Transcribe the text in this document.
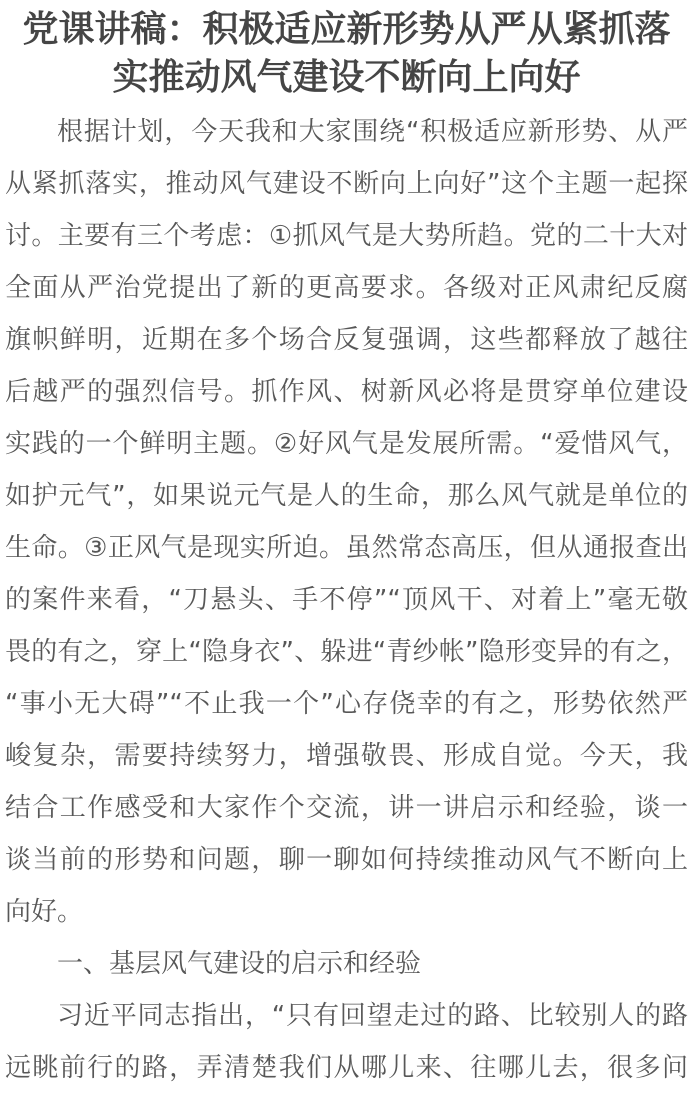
党课讲稿：积极适应新形势从严从紧抓落
实推动风气建设不断向上向好
根据计划，今天我和大家围绕“积极适应新形势、从严
从紧抓落实，推动风气建设不断向上向好”这个主题一起探
讨。主要有三个考虑：①抓风气是大势所趋。党的二十大对
全面从严治党提出了新的更高要求。各级对正风肃纪反腐
旗帜鲜明，近期在多个场合反复强调，这些都释放了越往
后越严的强烈信号。抓作风、树新风必将是贯穿单位建设
实践的一个鲜明主题。②好风气是发展所需。“爱惜风气，
如护元气”，如果说元气是人的生命，那么风气就是单位的
生命。③正风气是现实所迫。虽然常态高压，但从通报查出
的案件来看，“刀悬头、手不停”“顶风干、对着上”毫无敬
畏的有之，穿上“隐身衣”、躲进“青纱帐”隐形变异的有之，
“事小无大碍”“不止我一个”心存侥幸的有之，形势依然严
峻复杂，需要持续努力，增强敬畏、形成自觉。今天，我
结合工作感受和大家作个交流，讲一讲启示和经验，谈一
谈当前的形势和问题，聊一聊如何持续推动风气不断向上
向好。
一、基层风气建设的启示和经验
习近平同志指出，“只有回望走过的路、比较别人的路
远眺前行的路，弄清楚我们从哪儿来、往哪儿去，很多问
